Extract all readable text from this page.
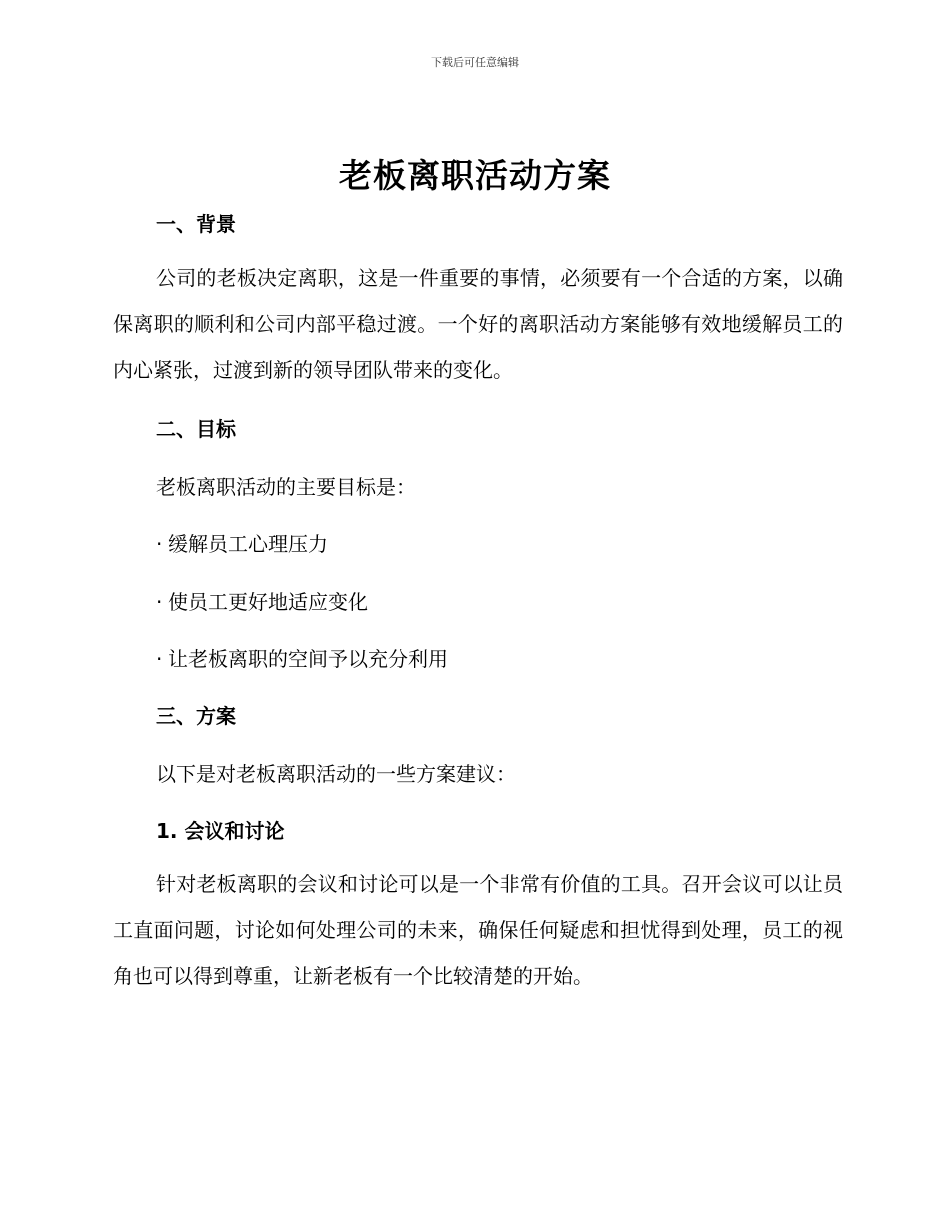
下载后可任意编辑
老板离职活动方案
一、背景

公司的老板决定离职，这是一件重要的事情，必须要有一个合适的方案，以确保离职的顺利和公司内部平稳过渡。一个好的离职活动方案能够有效地缓解员工的内心紧张，过渡到新的领导团队带来的变化。

二、目标

老板离职活动的主要目标是：

· 缓解员工心理压力

· 使员工更好地适应变化

· 让老板离职的空间予以充分利用

三、方案

以下是对老板离职活动的一些方案建议：

1. 会议和讨论

针对老板离职的会议和讨论可以是一个非常有价值的工具。召开会议可以让员工直面问题，讨论如何处理公司的未来，确保任何疑虑和担忧得到处理，员工的视角也可以得到尊重，让新老板有一个比较清楚的开始。
